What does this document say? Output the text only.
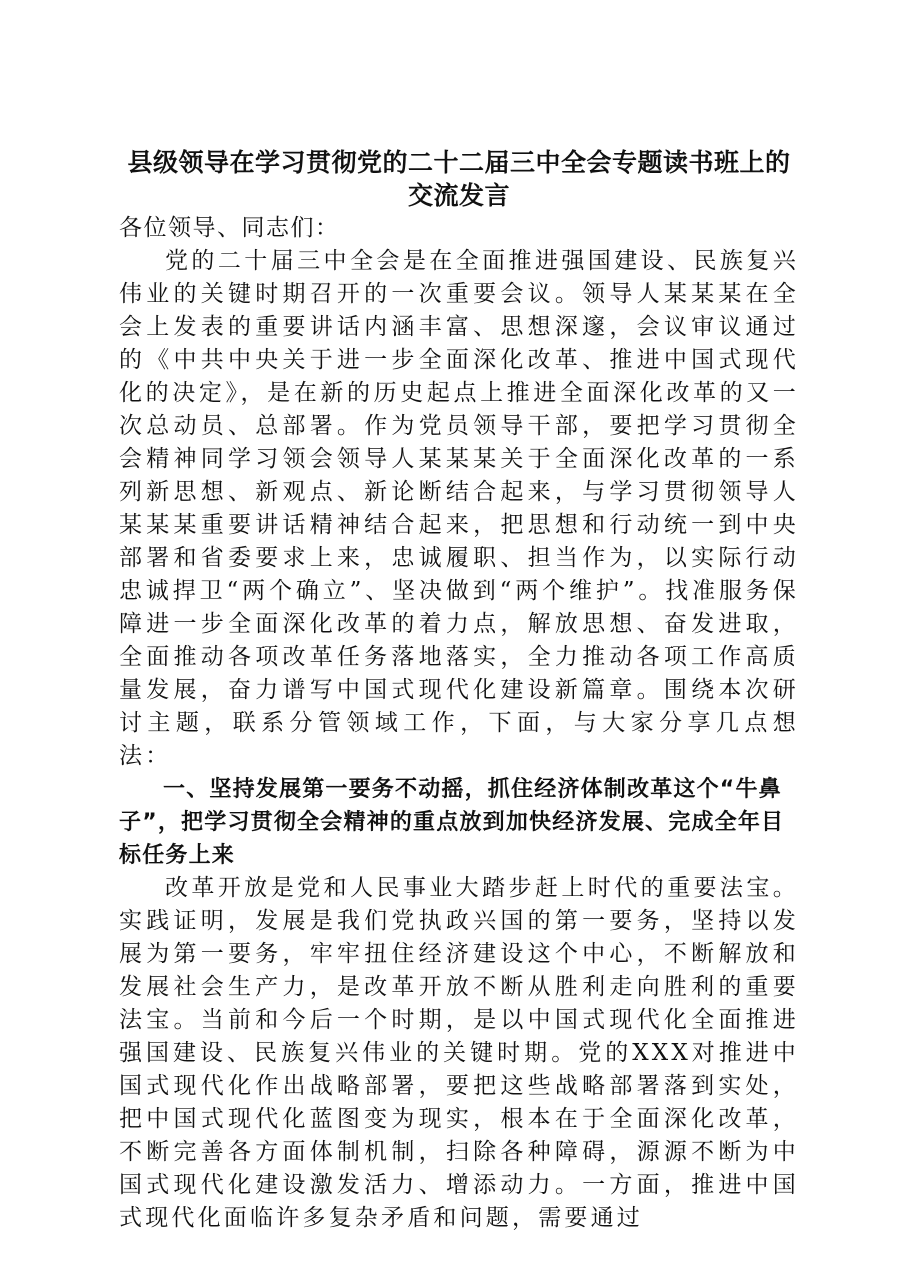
县级领导在学习贯彻党的二十二届三中全会专题读书班上的交流发言

各位领导、同志们：

党的二十届三中全会是在全面推进强国建设、民族复兴伟业的关键时期召开的一次重要会议。领导人某某某在全会上发表的重要讲话内涵丰富、思想深邃，会议审议通过的《中共中央关于进一步全面深化改革、推进中国式现代化的决定》，是在新的历史起点上推进全面深化改革的又一次总动员、总部署。作为党员领导干部，要把学习贯彻全会精神同学习领会领导人某某某关于全面深化改革的一系列新思想、新观点、新论断结合起来，与学习贯彻领导人某某某重要讲话精神结合起来，把思想和行动统一到中央部署和省委要求上来，忠诚履职、担当作为，以实际行动忠诚捍卫“两个确立”、坚决做到“两个维护”。找准服务保障进一步全面深化改革的着力点，解放思想、奋发进取，全面推动各项改革任务落地落实，全力推动各项工作高质量发展，奋力谱写中国式现代化建设新篇章。围绕本次研讨主题，联系分管领域工作，下面，与大家分享几点想法：

一、坚持发展第一要务不动摇，抓住经济体制改革这个“牛鼻子”，把学习贯彻全会精神的重点放到加快经济发展、完成全年目标任务上来

改革开放是党和人民事业大踏步赶上时代的重要法宝。实践证明，发展是我们党执政兴国的第一要务，坚持以发展为第一要务，牢牢扭住经济建设这个中心，不断解放和发展社会生产力，是改革开放不断从胜利走向胜利的重要法宝。当前和今后一个时期，是以中国式现代化全面推进强国建设、民族复兴伟业的关键时期。党的XXX对推进中国式现代化作出战略部署，要把这些战略部署落到实处，把中国式现代化蓝图变为现实，根本在于全面深化改革，不断完善各方面体制机制，扫除各种障碍，源源不断为中国式现代化建设激发活力、增添动力。一方面，推进中国式现代化面临许多复杂矛盾和问题，需要通过
